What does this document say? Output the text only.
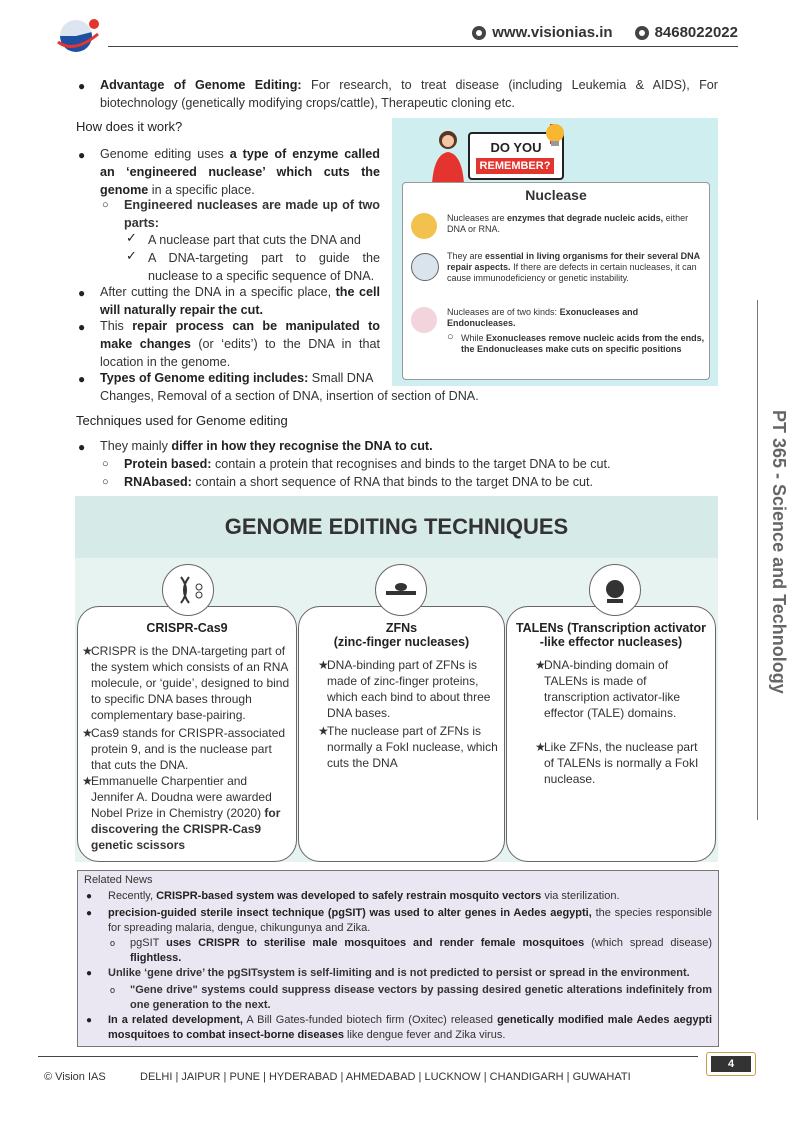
www.visionias.in	8468022022
PT 365 - Science and Technology
● Advantage of Genome Editing: For research, to treat disease (including Leukemia & AIDS), For biotechnology (genetically modifying crops/cattle), Therapeutic cloning etc.
How does it work?
● Genome editing uses a type of enzyme called an ‘engineered nuclease’ which cuts the genome in a specific place.
○ Engineered nucleases are made up of two parts:
✓ A nuclease part that cuts the DNA and
✓ A DNA-targeting part to guide the nuclease to a specific sequence of DNA.
● After cutting the DNA in a specific place, the cell will naturally repair the cut.
● This repair process can be manipulated to make changes (or ‘edits’) to the DNA in that location in the genome.
● Types of Genome editing includes: Small DNA
Changes, Removal of a section of DNA, insertion of section of DNA.
DO YOU
REMEMBER?
Nuclease
Nucleases are enzymes that degrade nucleic acids, either DNA or RNA.
They are essential in living organisms for their several DNA repair aspects. If there are defects in certain nucleases, it can cause immunodeficiency or genetic instability.
Nucleases are of two kinds: Exonucleases and Endonucleases.
○ While Exonucleases remove nucleic acids from the ends, the Endonucleases make cuts on specific positions
Techniques used for Genome editing
● They mainly differ in how they recognise the DNA to cut.
○ Protein based: contain a protein that recognises and binds to the target DNA to be cut.
○ RNAbased: contain a short sequence of RNA that binds to the target DNA to be cut.
GENOME EDITING TECHNIQUES
CRISPR-Cas9
★
CRISPR is the DNA-targeting part of the system which consists of an RNA molecule, or ‘guide’, designed to bind to specific DNA bases through complementary base-pairing.
★
Cas9 stands for CRISPR-associated protein 9, and is the nuclease part that cuts the DNA.
★
Emmanuelle Charpentier and Jennifer A. Doudna were awarded Nobel Prize in Chemistry (2020) for discovering the CRISPR-Cas9 genetic scissors
ZFNs
(zinc-finger nucleases)
★
DNA-binding part of ZFNs is made of zinc-finger proteins, which each bind to about three DNA bases.
★
The nuclease part of ZFNs is normally a FokI nuclease, which cuts the DNA
TALENs (Transcription activator
-like effector nucleases)
★
DNA-binding domain of TALENs is made of transcription activator-like effector (TALE) domains.
★
Like ZFNs, the nuclease part of TALENs is normally a FokI nuclease.
Related News
● Recently, CRISPR-based system was developed to safely restrain mosquito vectors via sterilization.
● precision-guided sterile insect technique (pgSIT) was used to alter genes in Aedes aegypti, the species responsible for spreading malaria, dengue, chikungunya and Zika.
o pgSIT uses CRISPR to sterilise male mosquitoes and render female mosquitoes (which spread disease) flightless.
● Unlike ‘gene drive’ the pgSITsystem is self-limiting and is not predicted to persist or spread in the environment.
o "Gene drive" systems could suppress disease vectors by passing desired genetic alterations indefinitely from one generation to the next.
● In a related development, A Bill Gates-funded biotech firm (Oxitec) released genetically modified male Aedes aegypti mosquitoes to combat insect-borne diseases like dengue fever and Zika virus.
4
© Vision IAS	DELHI | JAIPUR | PUNE | HYDERABAD | AHMEDABAD | LUCKNOW | CHANDIGARH | GUWAHATI
